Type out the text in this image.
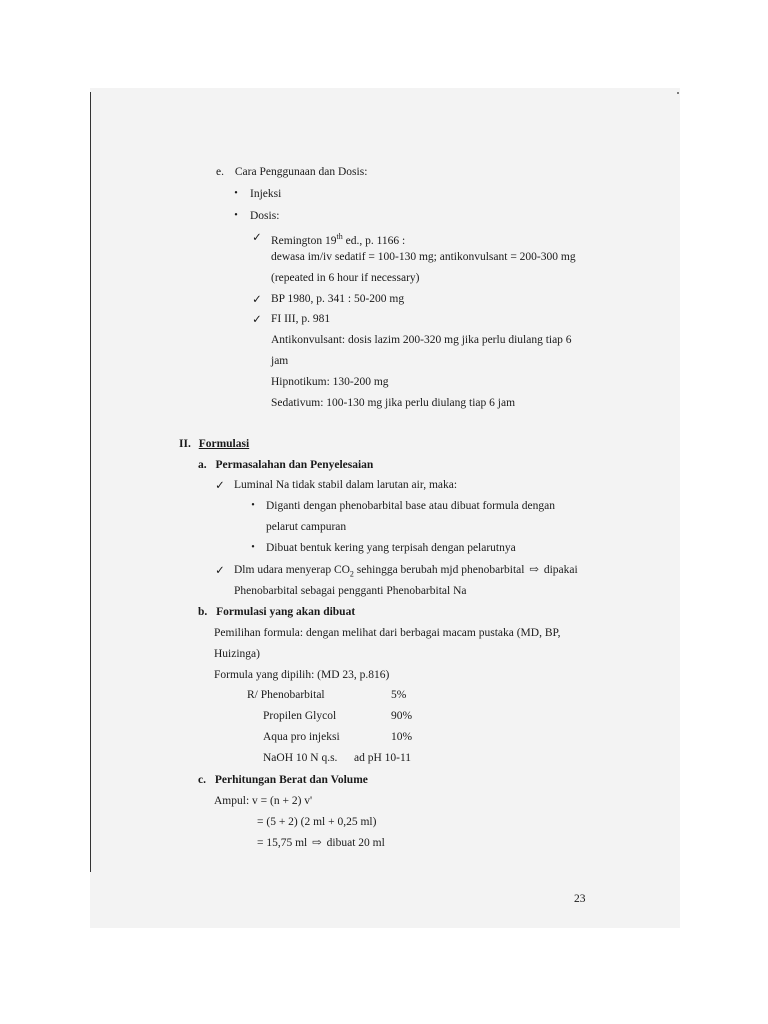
e. Cara Penggunaan dan Dosis:
• Injeksi
• Dosis:
✓ Remington 19th ed., p. 1166 :
dewasa im/iv sedatif = 100-130 mg; antikonvulsant = 200-300 mg
(repeated in 6 hour if necessary)
✓ BP 1980, p. 341 : 50-200 mg
✓ FI III, p. 981
Antikonvulsant: dosis lazim 200-320 mg jika perlu diulang tiap 6
jam
Hipnotikum: 130-200 mg
Sedativum: 100-130 mg jika perlu diulang tiap 6 jam
II. Formulasi
a. Permasalahan dan Penyelesaian
✓ Luminal Na tidak stabil dalam larutan air, maka:
• Diganti dengan phenobarbital base atau dibuat formula dengan
pelarut campuran
• Dibuat bentuk kering yang terpisah dengan pelarutnya
✓ Dlm udara menyerap $CO_2$ sehingga berubah mjd phenobarbital ⇨ dipakai
Phenobarbital sebagai pengganti Phenobarbital Na
b. Formulasi yang akan dibuat
Pemilihan formula: dengan melihat dari berbagai macam pustaka (MD, BP,
Huizinga)
Formula yang dipilih: (MD 23, p.816)
R/ Phenobarbital	5%
Propilen Glycol	90%
Aqua pro injeksi	10%
NaOH 10 N q.s. ad pH 10-11
c. Perhitungan Berat dan Volume
Ampul: v = (n + 2) v'
= (5 + 2) (2 ml + 0,25 ml)
= 15,75 ml ⇨ dibuat 20 ml
23
